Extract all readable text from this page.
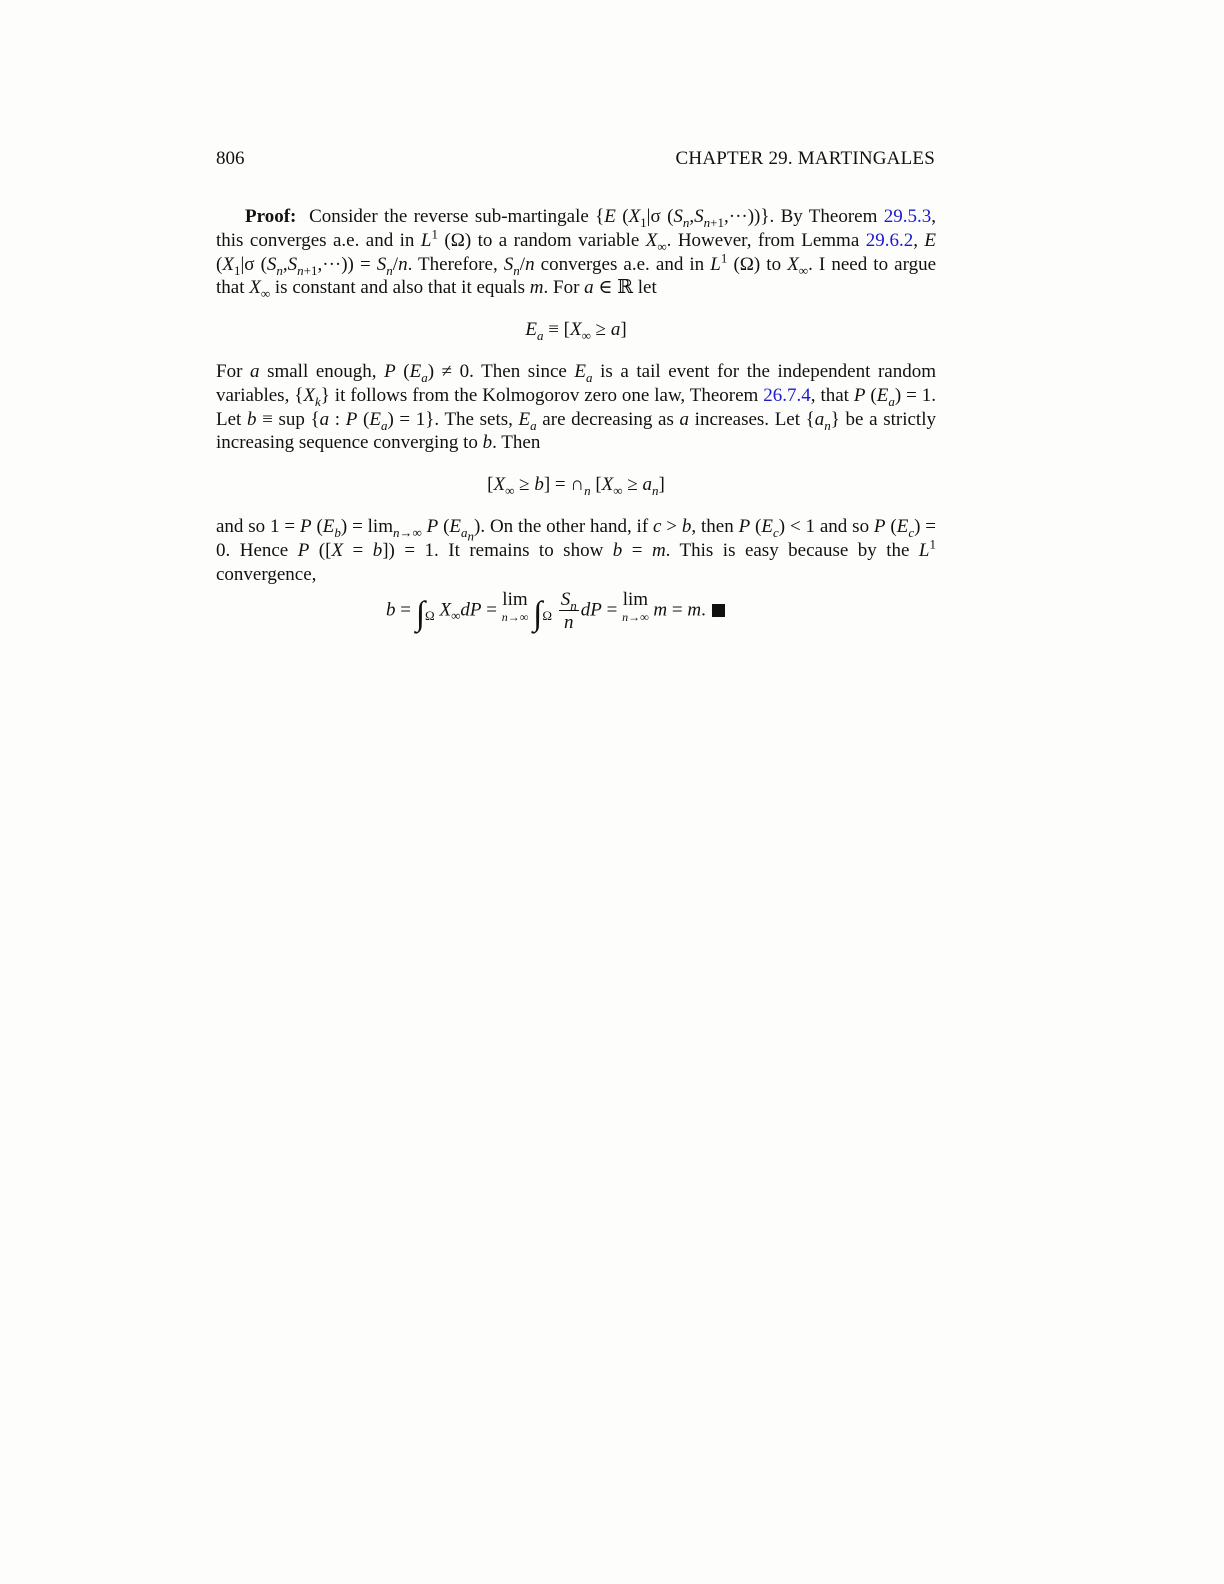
806	CHAPTER 29. MARTINGALES

Proof:  Consider the reverse sub-martingale {E ($X_1|\sigma$ $(S_n,S_{n+1},\cdot\cdot\cdot)$)}. By Theorem 29.5.3, this converges a.e. and in $L^1$ (Ω) to a random variable $X_\infty$. However, from Lemma 29.6.2, E ($X_1|\sigma$ $(S_n,S_{n+1},\cdot\cdot\cdot)) = S_n/n$. Therefore, $S_n/n$ converges a.e. and in $L^1$ (Ω) to $X_\infty$. I need to argue that $X_\infty$ is constant and also that it equals m. For a ∈ ℝ let

$E_a \equiv [X_\infty \ge a]$

For a small enough, P $(E_a) \ne 0$. Then since $E_a$ is a tail event for the independent random variables, $\{X_k\}$ it follows from the Kolmogorov zero one law, Theorem 26.7.4, that P $(E_a) = 1$. Let b ≡ sup {a : P $(E_a) = 1$}. The sets, $E_a$ are decreasing as a increases. Let $\{a_n\}$ be a strictly increasing sequence converging to b. Then

$[X_\infty \ge b]$ = $\cap_n$ $[X_\infty \ge a_n]$

and so 1 = P $(E_b) = \lim_{n\to\infty} P$ $(E_{a_n})$. On the other hand, if c > b, then P $(E_c) < 1$ and so P $(E_c) = 0$. Hence P ([X = b]) = 1. It remains to show b = m. This is easy because by the $L^1$ convergence,

$b = \int_\Omega$ $X_\infty dP = \lim$
n→∞ $\int_\Omega \frac{S_n}{n}$ dP = lim
n→∞ m = m.
